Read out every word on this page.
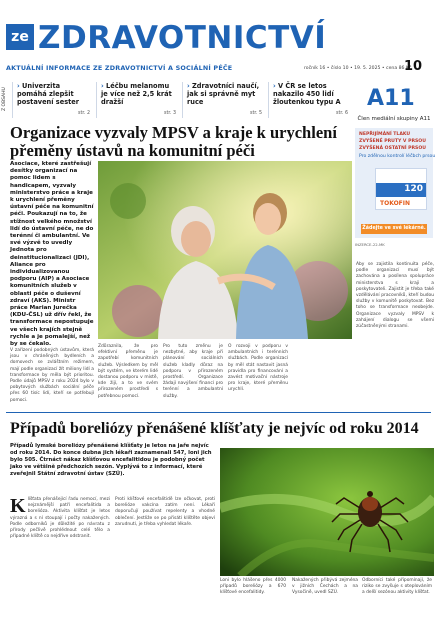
ze ZDRAVOTNICTVÍ
AKTUÁLNÍ INFORMACE ZE ZDRAVOTNICTVÍ A SOCIÁLNÍ PÉČE	ročník 16 • číslo 10 • 19. 5. 2025 • cena 86 Kč
10
Z OBSAHU
› Univerzita pomáhá zlepšit postavení sester
str. 2
› Léčbu melanomu je více než 2,5 krát dražší
str. 3
› Zdravotníci naučí, jak si správně myt ruce
str. 5
› V ČR se letos nakazilo 450 lidí žloutenkou typu A
str. 6
A11
Člen mediální skupiny A11
NEPŘIJÍMÁNÍ TLAKU
ZVÝŠENÉ PRUTY V PRSOU
ZVÝŠENÁ OSTATNÍ PRSOU
Pro zdělnou kontrolí léčbch prsou
120
TOKOFIN
Žádejte ve své lékárně.
INZERCE-22-MK
Organizace vyzvaly MPSV a kraje k urychlení přeměny ústavů na komunitní péči
Asociace, které zastřešují desítky organizací na pomoc lidem s handicapem, vyzvaly ministerstvo práce a kraje k urychlení přeměny ústavní péče na komunitní péči. Poukazují na to, že stížnost velkého množství lidí do ústavní péče, ne do terénní či ambulantní. Ve své výzvě to uvedly Jednota pro deinstitucionalizaci (JDI), Aliance pro individualizovanou podporu (AIP) a Asociace komunitních služeb v oblasti péče o duševní zdraví (AKS). Ministr práce Marian Jurečka (KDU-ČSL) už dřív řekl, že transformace nepostupuje ve všech krajích stejně rychle a je pomalejší, než by se čekalo.
V zařízení podobných ústavům, která jsou v chráněných bydleních a domovech se zvláštním režimem, mají podle organizací žít miliony lidí a transformace by měla být prioritou. Podle údajů MPSV z roku 2024 bylo v pobytových službách sociální péče přes 60 tisíc lidí, kteří se potřebují pomoci.
Zdůraznila, že pro efektivní přeměnu je zapotřebí komunitních služeb. Výsledkem by měl být systém, ve kterém lidé dostanou podporu v místě, kde žijí, a to ve svém přirozeném prostředí s potřebnou pomocí.
Pro tuto změnu je nezbytné, aby kraje při plánování sociálních služeb kladly důraz na podporu v přirozeném prostředí. Organizace žádají navýšení financí pro terénní a ambulantní služby.
O rozvoji v podporu v ambulantních i terénních službách. Podle organizací by měl stát nastavit jasná pravidla pro financování a zavést motivační nástroje pro kraje, které přeměnu urychlí.
Aby se zajistila kontinuita péče, podle organizací musí být zachována a posílena spolupráce ministerstva s kraji a poskytovateli. Zajistit je třeba také vzdělávání pracovníků, kteří budou služby v komunitě poskytovat. Bez toho se transformace neobejde. Organizace vyzvaly MPSV k zahájení dialogu se všemi zúčastněnými stranami.
Případů boreliózy přenášené klíšťaty je nejvíc od roku 2014
Případů lymské boreliózy přenášené klíšťaty je letos na jaře nejvíc od roku 2014. Do konce dubna jich lékaři zaznamenali 547, loni jich bylo 505. Čtrnáct nákaz klíšťovou encefalitidou je podobný počet jako ve většině předchozích sezón. Vyplývá to z informací, které zveřejnil Státní zdravotní ústav (SZÚ).
Klíšťata přenášející řadu nemocí, mezi nejznámější patří encefalitida a borelióza. Aktivita klíšťat je letos výrazná a s ní stoupají i počty nakažených. Podle odborníků je důležité po návratu z přírody pečlivě prohlédnout celé tělo a případné klíště co nejdříve odstranit.
Proti klíšťové encefalitidě lze očkovat, proti borelióze vakcína zatím není. Lékaři doporučují používat repelenty a vhodné oblečení. Jestliže se po přisátí klíštěte objeví zarudnutí, je třeba vyhledat lékaře.
Loni bylo hlášeno přes 4000 případů boreliózy a 670 klíšťové encefalitidy.
Nakažených přibývá zejména v jižních Čechách a na Vysočině, uvedl SZÚ.
Odborníci také připomínají, že riziko se zvyšuje s oteplováním a delší sezónou aktivity klíšťat.
